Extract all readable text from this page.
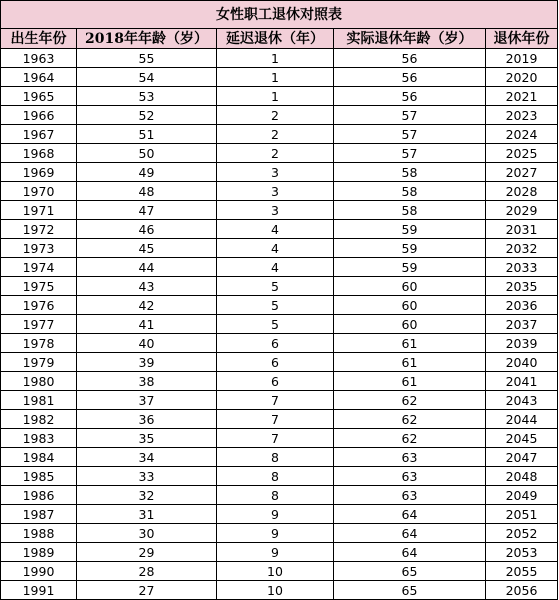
女性职工退休对照表				
出生年份	2018年年龄（岁）	延迟退休（年）	实际退休年龄（岁）	退休年份
1963	55	1	56	2019
1964	54	1	56	2020
1965	53	1	56	2021
1966	52	2	57	2023
1967	51	2	57	2024
1968	50	2	57	2025
1969	49	3	58	2027
1970	48	3	58	2028
1971	47	3	58	2029
1972	46	4	59	2031
1973	45	4	59	2032
1974	44	4	59	2033
1975	43	5	60	2035
1976	42	5	60	2036
1977	41	5	60	2037
1978	40	6	61	2039
1979	39	6	61	2040
1980	38	6	61	2041
1981	37	7	62	2043
1982	36	7	62	2044
1983	35	7	62	2045
1984	34	8	63	2047
1985	33	8	63	2048
1986	32	8	63	2049
1987	31	9	64	2051
1988	30	9	64	2052
1989	29	9	64	2053
1990	28	10	65	2055
1991	27	10	65	2056
